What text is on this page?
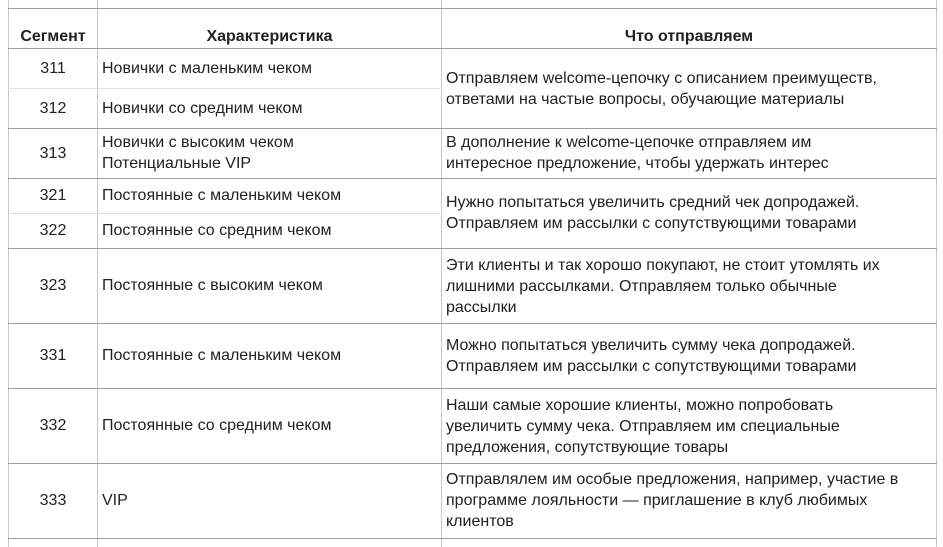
Сегмент	Характеристика	Что отправляем
311
312
313
321
322
323
331
332
333
Новички с маленьким чеком
Новички со средним чеком
Новички с высоким чеком
Потенциальные VIP
Постоянные с маленьким чеком
Постоянные со средним чеком
Постоянные с высоким чеком
Постоянные с маленьким чеком
Постоянные со средним чеком
VIP
Отправляем welcome-цепочку с описанием преимуществ,
ответами на частые вопросы, обучающие материалы
В дополнение к welcome-цепочке отправляем им
интересное предложение, чтобы удержать интерес
Нужно попытаться увеличить средний чек допродажей.
Отправляем им рассылки с сопутствующими товарами
Эти клиенты и так хорошо покупают, не стоит утомлять их
лишними рассылками. Отправляем только обычные
рассылки
Можно попытаться увеличить сумму чека допродажей.
Отправляем им рассылки с сопутствующими товарами
Наши самые хорошие клиенты, можно попробовать
увеличить сумму чека. Отправляем им специальные
предложения, сопутствующие товары
Отправлялем им особые предложения, например, участие в
программе лояльности — приглашение в клуб любимых
клиентов
